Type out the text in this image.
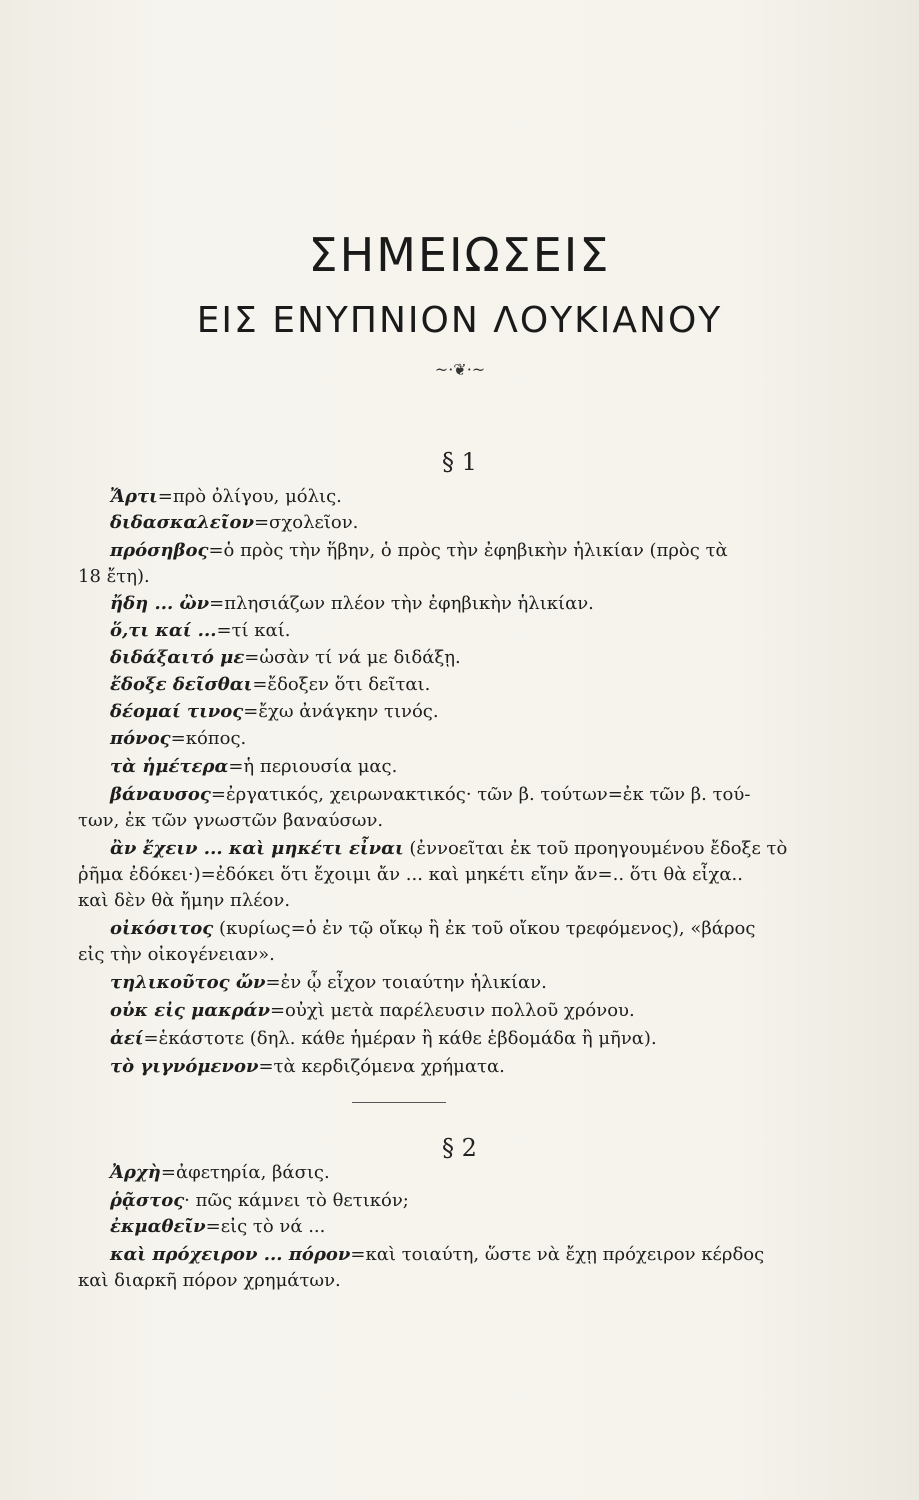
ΣΗΜΕΙΩΣΕΙΣ
ΕΙΣ ΕΝΥΠΝΙΟΝ ΛΟΥΚΙΑΝΟΥ
~·❦·~
§ 1
Ἄρτι=πρὸ ὀλίγου, μόλις.
διδασκαλεῖον=σχολεῖον.
πρόσηβος=ὁ πρὸς τὴν ἥβην, ὁ πρὸς τὴν ἐφηβικὴν ἡλικίαν (πρὸς τὰ
18 ἔτη).
ἤδη ... ὢν=πλησιάζων πλέον τὴν ἐφηβικὴν ἡλικίαν.
ὅ,τι καί ...=τί καί.
διδάξαιτό με=ὡσὰν τί νά με διδάξῃ.
ἔδοξε δεῖσθαι=ἔδοξεν ὅτι δεῖται.
δέομαί τινος=ἔχω ἀνάγκην τινός.
πόνος=κόπος.
τὰ ἡμέτερα=ἡ περιουσία μας.
βάναυσος=ἐργατικός, χειρωνακτικός· τῶν β. τούτων=ἐκ τῶν β. τού-
των, ἐκ τῶν γνωστῶν βαναύσων.
ἂν ἔχειν ... καὶ μηκέτι εἶναι (ἐννοεῖται ἐκ τοῦ προηγουμένου ἔδοξε τὸ
ῥῆμα ἐδόκει·)=ἐδόκει ὅτι ἔχοιμι ἄν ... καὶ μηκέτι εἴην ἄν=.. ὅτι θὰ εἶχα..
καὶ δὲν θὰ ἤμην πλέον.
οἰκόσιτος (κυρίως=ὁ ἐν τῷ οἴκῳ ἢ ἐκ τοῦ οἴκου τρεφόμενος), «βάρος
εἰς τὴν οἰκογένειαν».
τηλικοῦτος ὤν=ἐν ᾧ εἶχον τοιαύτην ἡλικίαν.
οὐκ εἰς μακράν=οὐχὶ μετὰ παρέλευσιν πολλοῦ χρόνου.
ἀεί=ἑκάστοτε (δηλ. κάθε ἡμέραν ἢ κάθε ἑβδομάδα ἢ μῆνα).
τὸ γιγνόμενον=τὰ κερδιζόμενα χρήματα.
§ 2
Ἀρχὴ=ἀφετηρία, βάσις.
ῥᾷστος· πῶς κάμνει τὸ θετικόν;
ἐκμαθεῖν=εἰς τὸ νά ...
καὶ πρόχειρον ... πόρον=καὶ τοιαύτη, ὥστε νὰ ἔχῃ πρόχειρον κέρδος
καὶ διαρκῆ πόρον χρημάτων.
